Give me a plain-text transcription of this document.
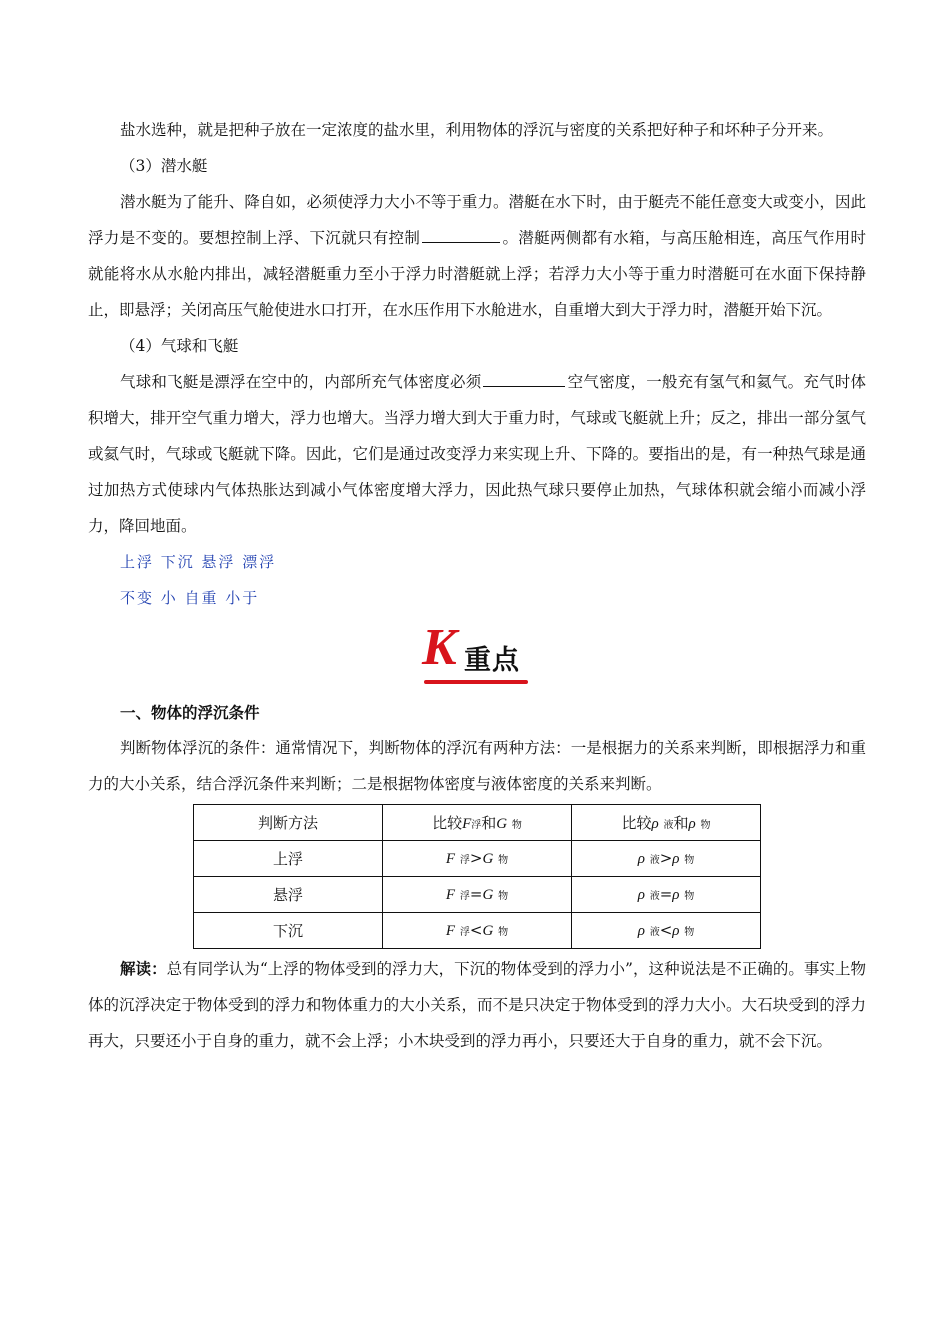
盐水选种，就是把种子放在一定浓度的盐水里，利用物体的浮沉与密度的关系把好种子和坏种子分开来。

（3）潜水艇

潜水艇为了能升、降自如，必须使浮力大小不等于重力。潜艇在水下时，由于艇壳不能任意变大或变小，因此浮力是不变的。要想控制上浮、下沉就只有控制	。潜艇两侧都有水箱，与高压舱相连，高压气作用时就能将水从水舱内排出，减轻潜艇重力至小于浮力时潜艇就上浮；若浮力大小等于重力时潜艇可在水面下保持静止，即悬浮；关闭高压气舱使进水口打开，在水压作用下水舱进水，自重增大到大于浮力时，潜艇开始下沉。

（4）气球和飞艇

气球和飞艇是漂浮在空中的，内部所充气体密度必须	空气密度，一般充有氢气和氦气。充气时体积增大，排开空气重力增大，浮力也增大。当浮力增大到大于重力时，气球或飞艇就上升；反之，排出一部分氢气或氦气时，气球或飞艇就下降。因此，它们是通过改变浮力来实现上升、下降的。要指出的是，有一种热气球是通过加热方式使球内气体热胀达到减小气体密度增大浮力，因此热气球只要停止加热，气球体积就会缩小而减小浮力，降回地面。

上浮 下沉 悬浮 漂浮

不变 小 自重 小于

K 重点

一、物体的浮沉条件

判断物体浮沉的条件：通常情况下，判断物体的浮沉有两种方法：一是根据力的关系来判断，即根据浮力和重力的大小关系，结合浮沉条件来判断；二是根据物体密度与液体密度的关系来判断。

判断方法	比较F浮和G 物	比较ρ 液和ρ 物
上浮	F 浮>G 物	ρ 液>ρ 物
悬浮	F 浮=G 物	ρ 液=ρ 物
下沉	F 浮<G 物	ρ 液<ρ 物

解读：总有同学认为“上浮的物体受到的浮力大，下沉的物体受到的浮力小”，这种说法是不正确的。事实上物体的沉浮决定于物体受到的浮力和物体重力的大小关系，而不是只决定于物体受到的浮力大小。大石块受到的浮力再大，只要还小于自身的重力，就不会上浮；小木块受到的浮力再小，只要还大于自身的重力，就不会下沉。
